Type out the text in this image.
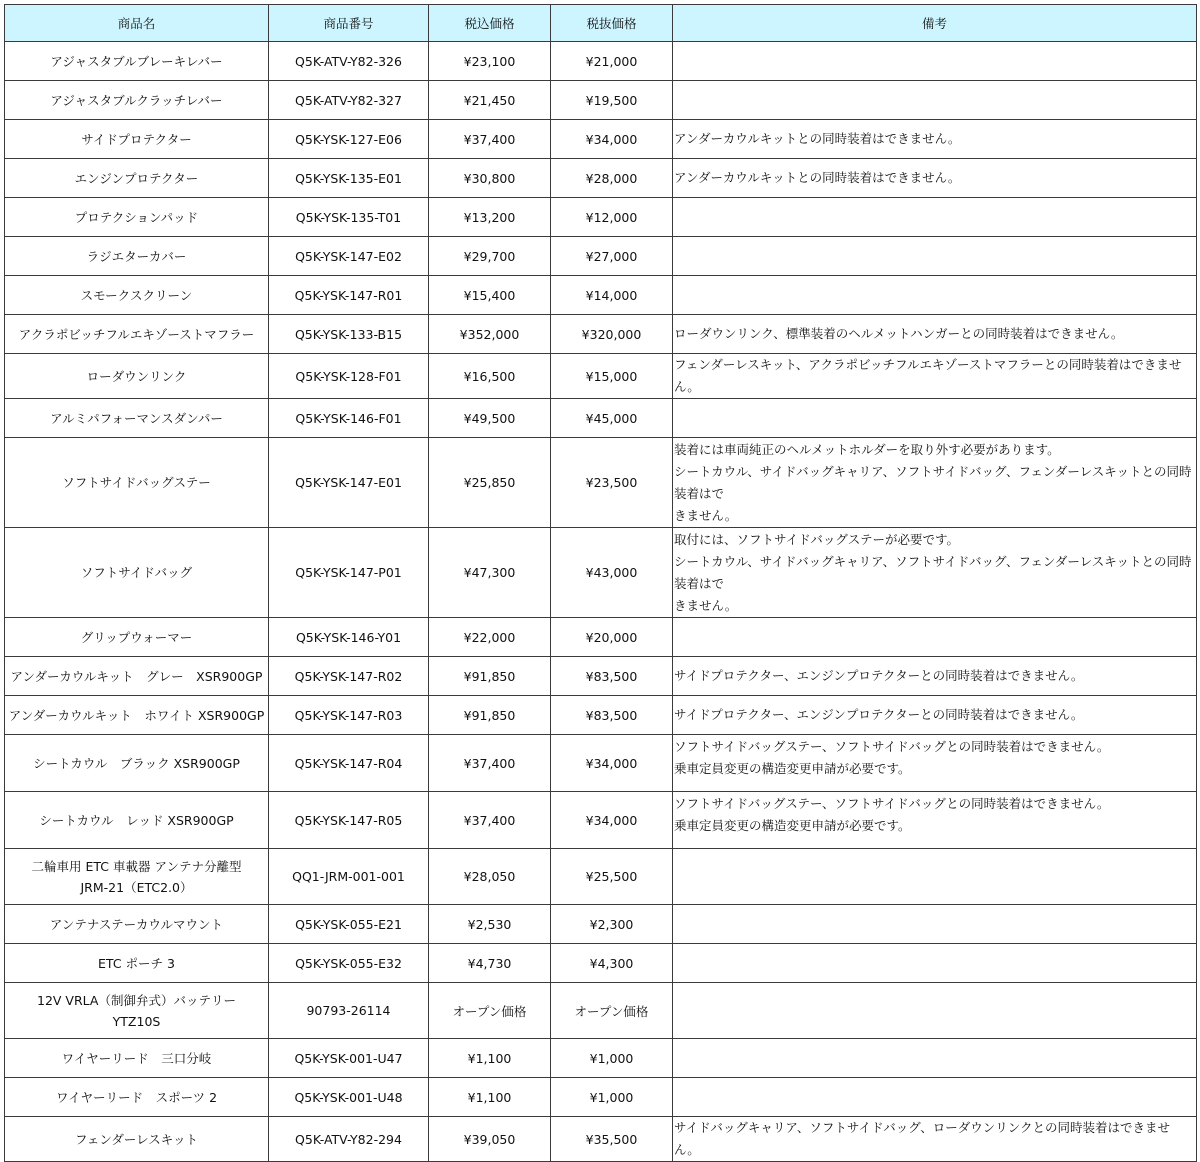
商品名	商品番号	税込価格	税抜価格	備考

アジャスタブルブレーキレバー	Q5K-ATV-Y82-326	¥23,100	¥21,000	

アジャスタブルクラッチレバー	Q5K-ATV-Y82-327	¥21,450	¥19,500	

サイドプロテクター	Q5K-YSK-127-E06	¥37,400	¥34,000	アンダーカウルキットとの同時装着はできません。

エンジンプロテクター	Q5K-YSK-135-E01	¥30,800	¥28,000	アンダーカウルキットとの同時装着はできません。

プロテクションパッド	Q5K-YSK-135-T01	¥13,200	¥12,000	

ラジエターカバー	Q5K-YSK-147-E02	¥29,700	¥27,000	

スモークスクリーン	Q5K-YSK-147-R01	¥15,400	¥14,000	

アクラポビッチフルエキゾーストマフラー	Q5K-YSK-133-B15	¥352,000	¥320,000	ローダウンリンク、標準装着のヘルメットハンガーとの同時装着はできません。

ローダウンリンク	Q5K-YSK-128-F01	¥16,500	¥15,000	フェンダーレスキット、アクラポビッチフルエキゾーストマフラーとの同時装着はできません。

アルミパフォーマンスダンパー	Q5K-YSK-146-F01	¥49,500	¥45,000	

ソフトサイドバッグステー	Q5K-YSK-147-E01	¥25,850	¥23,500	装着には車両純正のヘルメットホルダーを取り外す必要があります。
シートカウル、サイドバッグキャリア、ソフトサイドバッグ、フェンダーレスキットとの同時装着はで
きません。

ソフトサイドバッグ	Q5K-YSK-147-P01	¥47,300	¥43,000	取付には、ソフトサイドバッグステーが必要です。
シートカウル、サイドバッグキャリア、ソフトサイドバッグ、フェンダーレスキットとの同時装着はで
きません。

グリップウォーマー	Q5K-YSK-146-Y01	¥22,000	¥20,000	

アンダーカウルキット　グレー　XSR900GP	Q5K-YSK-147-R02	¥91,850	¥83,500	サイドプロテクター、エンジンプロテクターとの同時装着はできません。

アンダーカウルキット　ホワイト XSR900GP	Q5K-YSK-147-R03	¥91,850	¥83,500	サイドプロテクター、エンジンプロテクターとの同時装着はできません。

シートカウル　ブラック XSR900GP	Q5K-YSK-147-R04	¥37,400	¥34,000	ソフトサイドバッグステー、ソフトサイドバッグとの同時装着はできません。
乗車定員変更の構造変更申請が必要です。

シートカウル　レッド XSR900GP	Q5K-YSK-147-R05	¥37,400	¥34,000	ソフトサイドバッグステー、ソフトサイドバッグとの同時装着はできません。
乗車定員変更の構造変更申請が必要です。

二輪車用 ETC 車載器 アンテナ分離型
JRM-21（ETC2.0）	QQ1-JRM-001-001	¥28,050	¥25,500	

アンテナステーカウルマウント	Q5K-YSK-055-E21	¥2,530	¥2,300	

ETC ポーチ 3	Q5K-YSK-055-E32	¥4,730	¥4,300	

12V VRLA（制御弁式）バッテリー
YTZ10S	90793-26114	オープン価格	オープン価格	

ワイヤーリード　三口分岐	Q5K-YSK-001-U47	¥1,100	¥1,000	

ワイヤーリード　スポーツ 2	Q5K-YSK-001-U48	¥1,100	¥1,000	

フェンダーレスキット	Q5K-ATV-Y82-294	¥39,050	¥35,500	サイドバッグキャリア、ソフトサイドバッグ、ローダウンリンクとの同時装着はできません。
